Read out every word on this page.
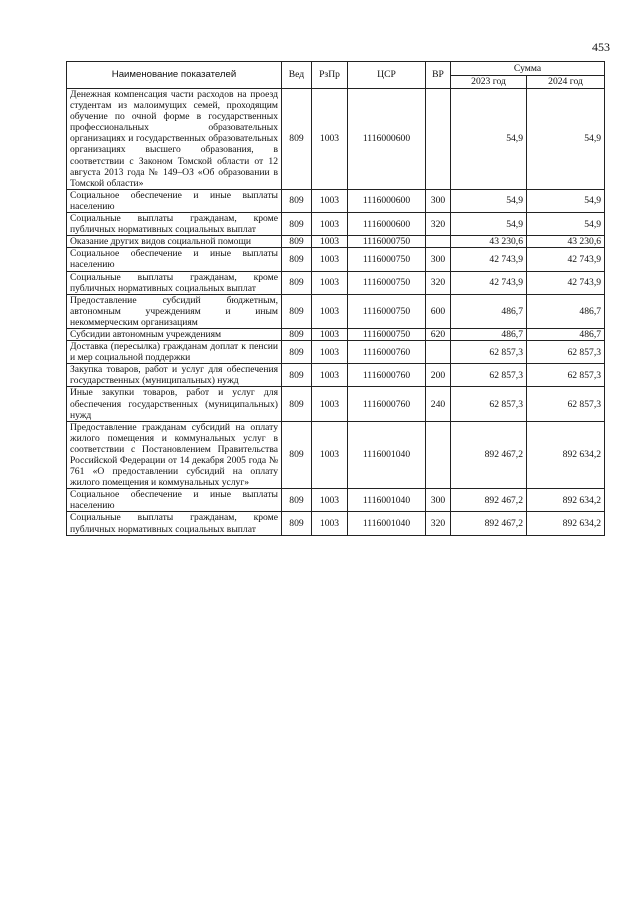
453
Наименование показателей	Вед	РзПр	ЦСР	ВР	Сумма	
					2023 год	2024 год
Денежная компенсация части расходов на проезд студентам из малоимущих семей, проходящим обучение по очной форме в государственных профессиональных образовательных организациях и государственных образовательных организациях высшего образования, в соответствии с Законом Томской области от 12 августа 2013 года № 149–ОЗ «Об образовании в Томской области»	809	1003	1116000600		54,9	54,9
Социальное обеспечение и иные выплаты населению	809	1003	1116000600	300	54,9	54,9
Социальные выплаты гражданам, кроме публичных нормативных социальных выплат	809	1003	1116000600	320	54,9	54,9
Оказание других видов социальной помощи	809	1003	1116000750		43 230,6	43 230,6
Социальное обеспечение и иные выплаты населению	809	1003	1116000750	300	42 743,9	42 743,9
Социальные выплаты гражданам, кроме публичных нормативных социальных выплат	809	1003	1116000750	320	42 743,9	42 743,9
Предоставление субсидий бюджетным, автономным учреждениям и иным некоммерческим организациям	809	1003	1116000750	600	486,7	486,7
Субсидии автономным учреждениям	809	1003	1116000750	620	486,7	486,7
Доставка (пересылка) гражданам доплат к пенсии и мер социальной поддержки	809	1003	1116000760		62 857,3	62 857,3
Закупка товаров, работ и услуг для обеспечения государственных (муниципальных) нужд	809	1003	1116000760	200	62 857,3	62 857,3
Иные закупки товаров, работ и услуг для обеспечения государственных (муниципальных) нужд	809	1003	1116000760	240	62 857,3	62 857,3
Предоставление гражданам субсидий на оплату жилого помещения и коммунальных услуг в соответствии с Постановлением Правительства Российской Федерации от 14 декабря 2005 года № 761 «О предоставлении субсидий на оплату жилого помещения и коммунальных услуг»	809	1003	1116001040		892 467,2	892 634,2
Социальное обеспечение и иные выплаты населению	809	1003	1116001040	300	892 467,2	892 634,2
Социальные выплаты гражданам, кроме публичных нормативных социальных выплат	809	1003	1116001040	320	892 467,2	892 634,2
